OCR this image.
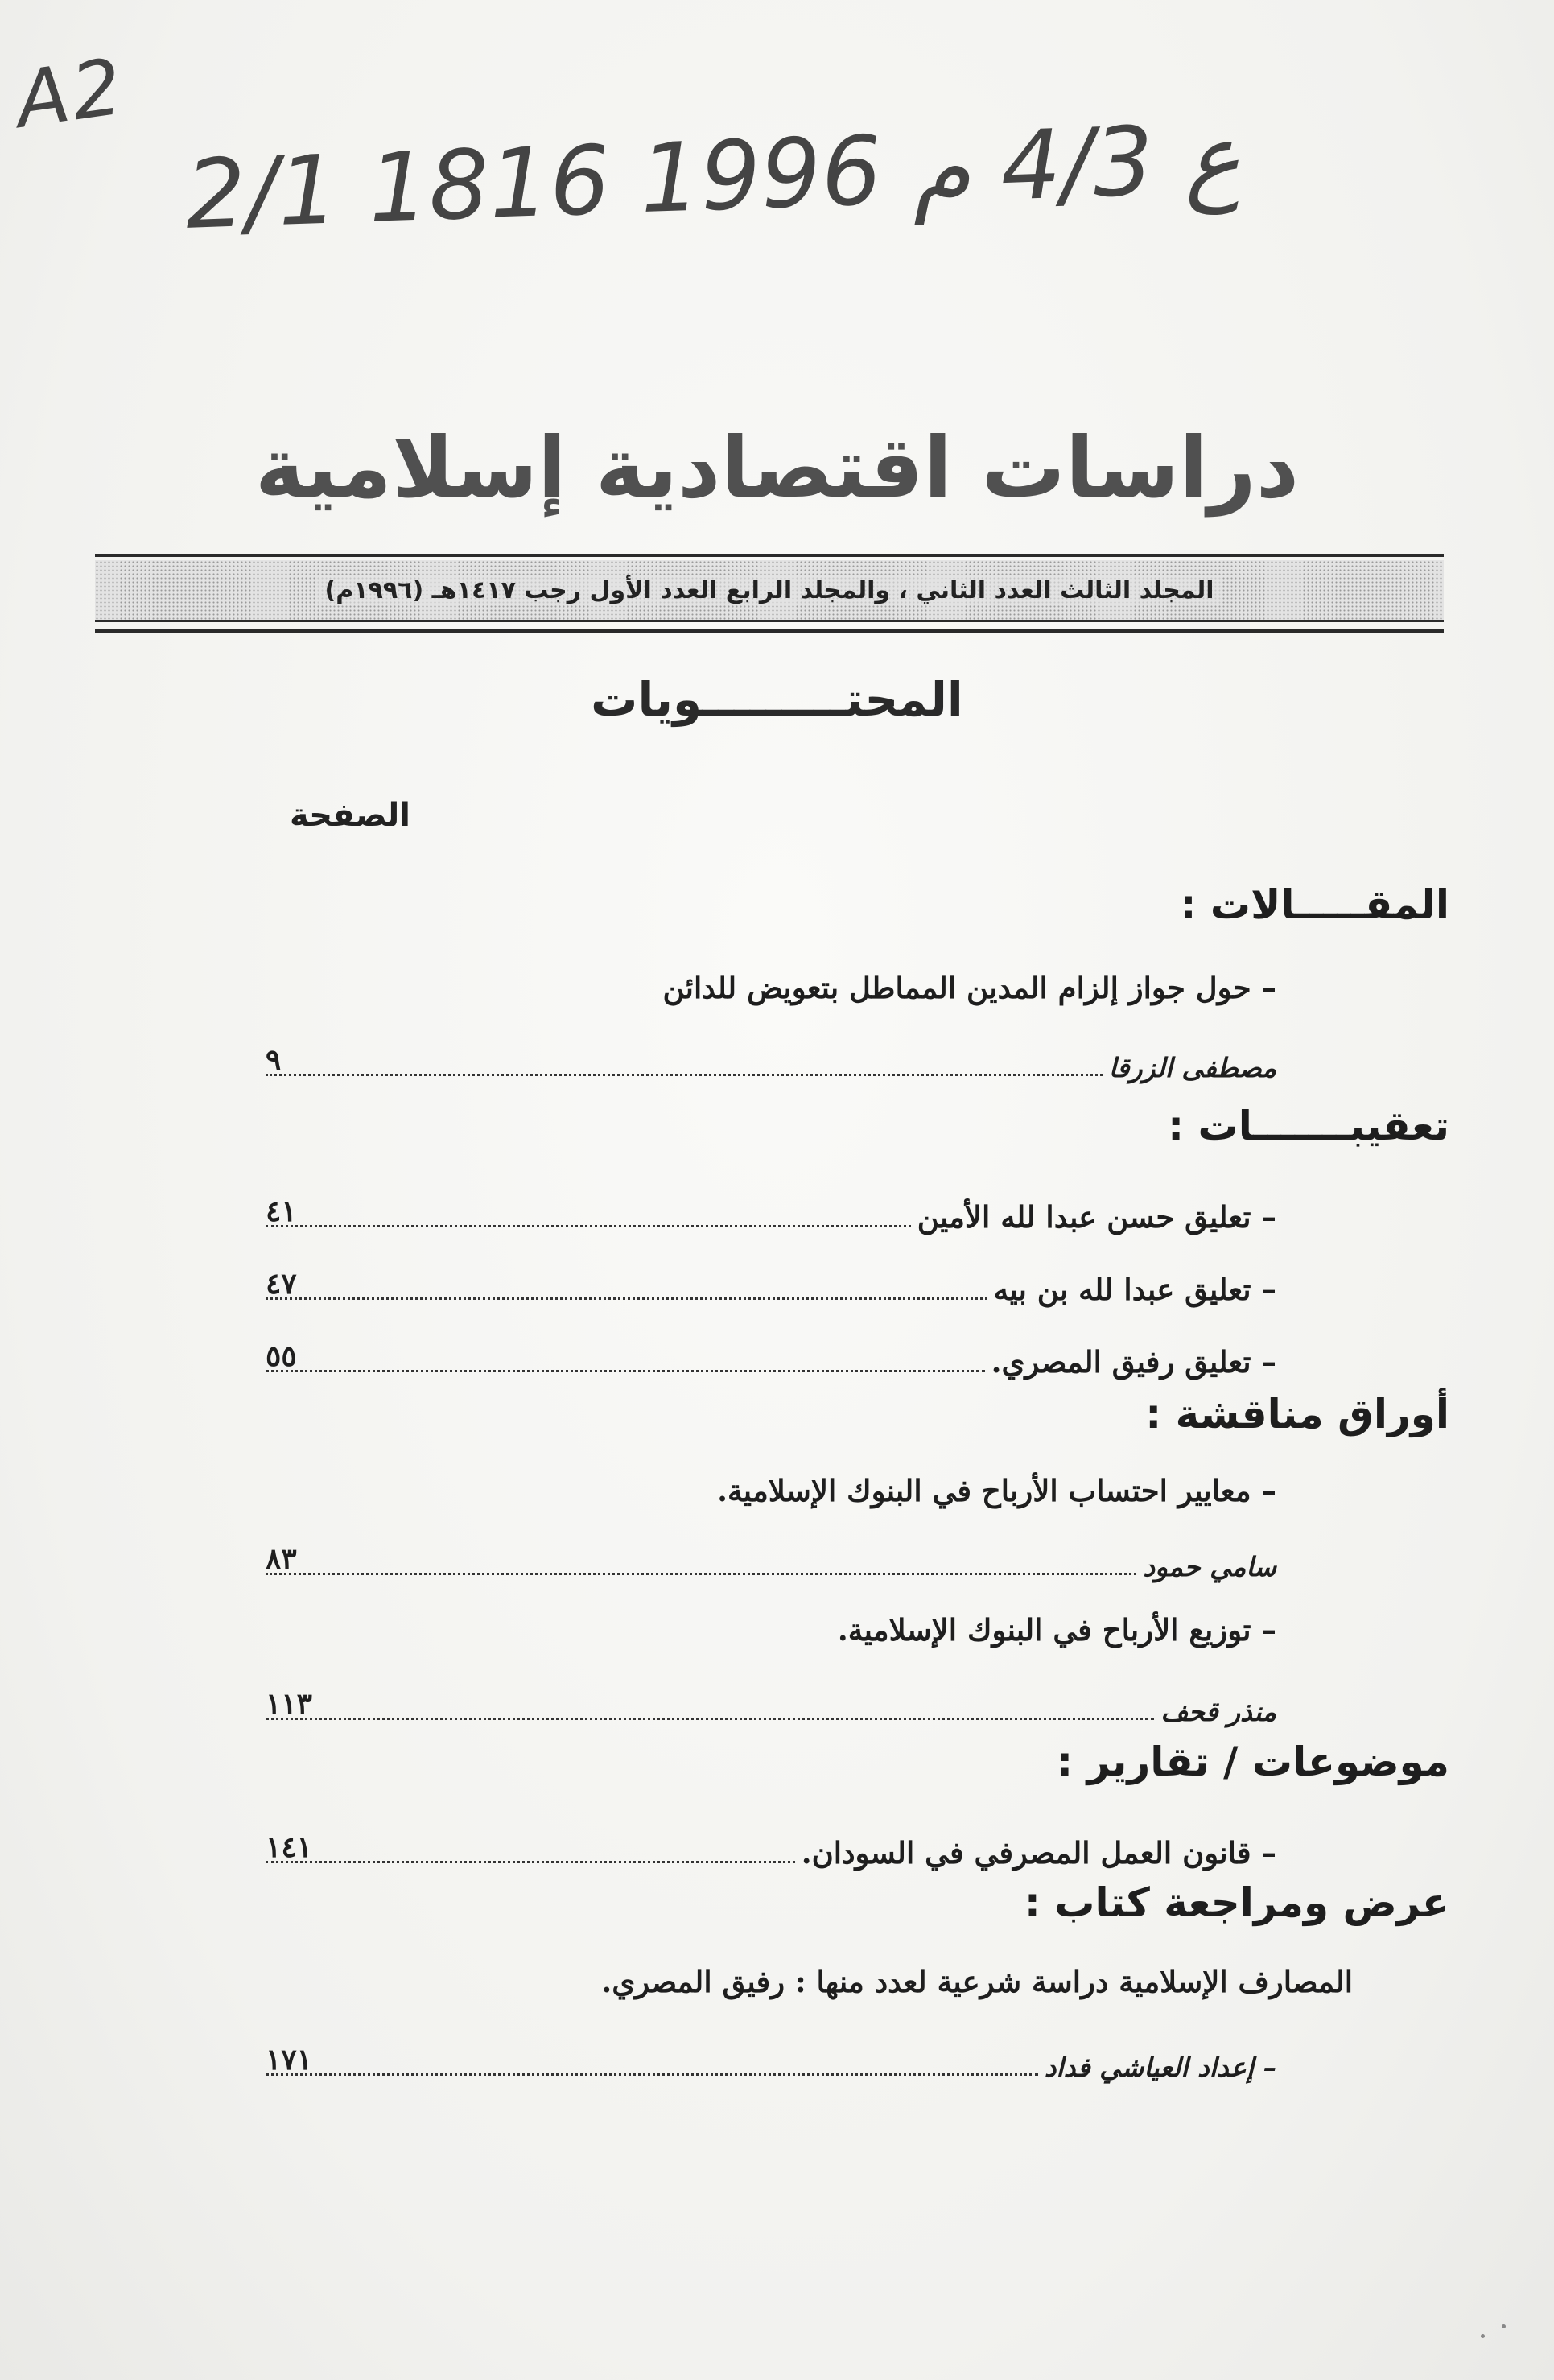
A2
2/1 ع 4/3 م 1996 1816
دراسات اقتصادية إسلامية
المجلد الثالث العدد الثاني ، والمجلد الرابع العدد الأول رجب ١٤١٧هـ (١٩٩٦م)
المحتـــــــــويات
الصفحة
المقـــــالات :
– حول جواز إلزام المدين المماطل بتعويض للدائن
مصطفى الزرقا
٩
تعقيبـــــــات :
– تعليق حسن عبدا لله الأمين
٤١
– تعليق عبدا لله بن بيه
٤٧
– تعليق رفيق المصري.
٥٥
أوراق مناقشة :
– معايير احتساب الأرباح في البنوك الإسلامية.
سامي حمود
٨٣
– توزيع الأرباح في البنوك الإسلامية.
منذر قحف
١١٣
موضوعات / تقارير :
– قانون العمل المصرفي في السودان.
١٤١
عرض ومراجعة كتاب :
المصارف الإسلامية دراسة شرعية لعدد منها : رفيق المصري.
– إعداد العياشي فداد
١٧١
